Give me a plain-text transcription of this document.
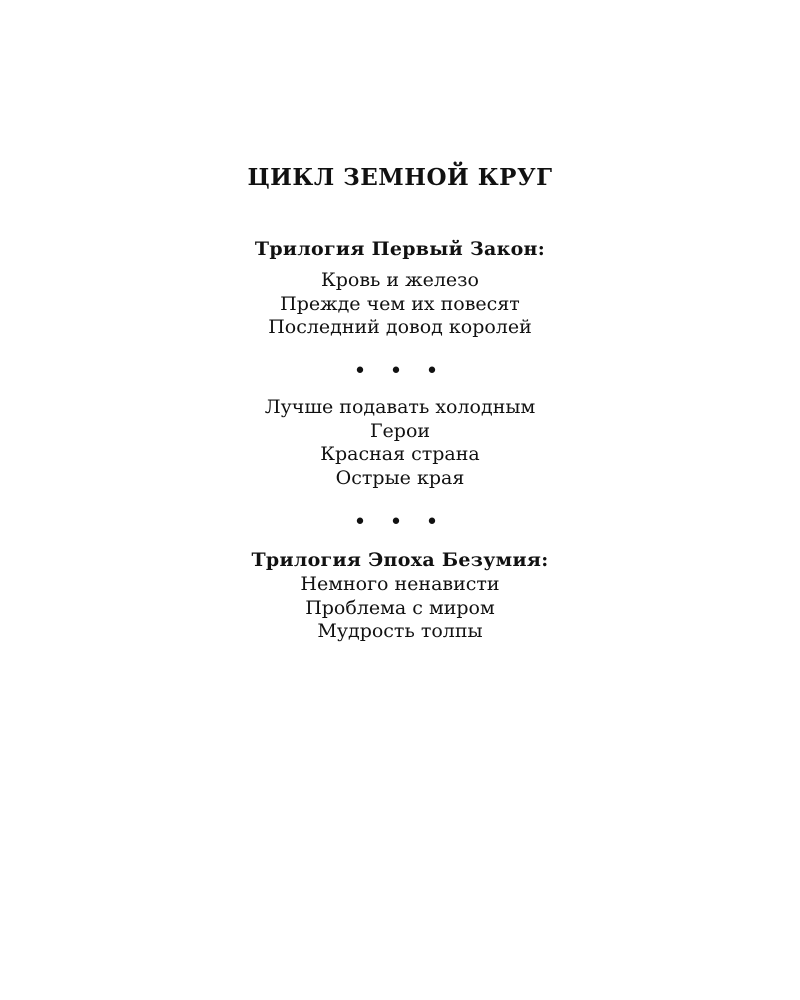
ЦИКЛ ЗЕМНОЙ КРУГ
Трилогия Первый Закон:
Кровь и железо
Прежде чем их повесят
Последний довод королей
• • •
Лучше подавать холодным
Герои
Красная страна
Острые края
• • •
Трилогия Эпоха Безумия:
Немного ненависти
Проблема с миром
Мудрость толпы
